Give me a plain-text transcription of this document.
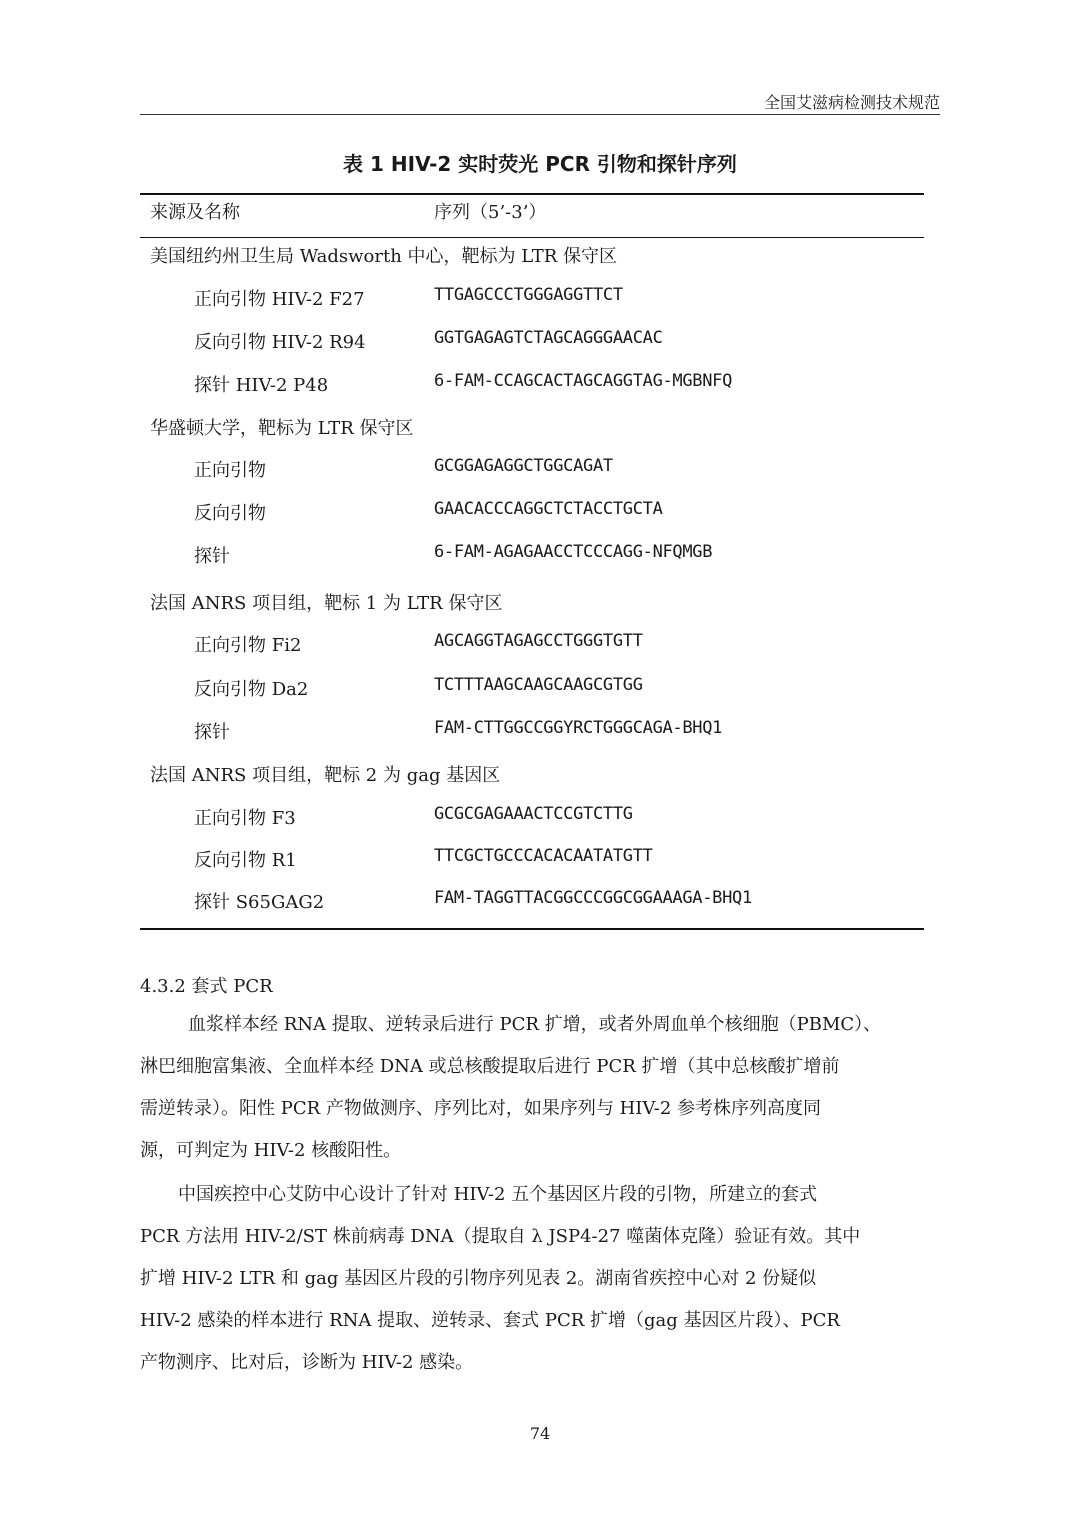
全国艾滋病检测技术规范
表 1 HIV-2 实时荧光 PCR 引物和探针序列
来源及名称	序列（5’-3’）
美国纽约州卫生局 Wadsworth 中心，靶标为 LTR 保守区
正向引物 HIV-2 F27	TTGAGCCCTGGGAGGTTCT
反向引物 HIV-2 R94	GGTGAGAGTCTAGCAGGGAACAC
探针 HIV-2 P48	6-FAM-CCAGCACTAGCAGGTAG-MGBNFQ
华盛顿大学，靶标为 LTR 保守区
正向引物	GCGGAGAGGCTGGCAGAT
反向引物	GAACACCCAGGCTCTACCTGCTA
探针	6-FAM-AGAGAACCTCCCAGG-NFQMGB
法国 ANRS 项目组，靶标 1 为 LTR 保守区
正向引物 Fi2	AGCAGGTAGAGCCTGGGTGTT
反向引物 Da2	TCTTTAAGCAAGCAAGCGTGG
探针	FAM-CTTGGCCGGYRCTGGGCAGA-BHQ1
法国 ANRS 项目组，靶标 2 为 gag 基因区
正向引物 F3	GCGCGAGAAACTCCGTCTTG
反向引物 R1	TTCGCTGCCCACACAATATGTT
探针 S65GAG2	FAM-TAGGTTACGGCCCGGCGGAAAGA-BHQ1
4.3.2 套式 PCR
血浆样本经 RNA 提取、逆转录后进行 PCR 扩增，或者外周血单个核细胞（PBMC）、
淋巴细胞富集液、全血样本经 DNA 或总核酸提取后进行 PCR 扩增（其中总核酸扩增前
需逆转录）。阳性 PCR 产物做测序、序列比对，如果序列与 HIV-2 参考株序列高度同
源，可判定为 HIV-2 核酸阳性。
中国疾控中心艾防中心设计了针对 HIV-2 五个基因区片段的引物，所建立的套式
PCR 方法用 HIV-2/ST 株前病毒 DNA（提取自 λ JSP4-27 噬菌体克隆）验证有效。其中
扩增 HIV-2 LTR 和 gag 基因区片段的引物序列见表 2。湖南省疾控中心对 2 份疑似
HIV-2 感染的样本进行 RNA 提取、逆转录、套式 PCR 扩增（gag 基因区片段）、PCR
产物测序、比对后，诊断为 HIV-2 感染。
74
